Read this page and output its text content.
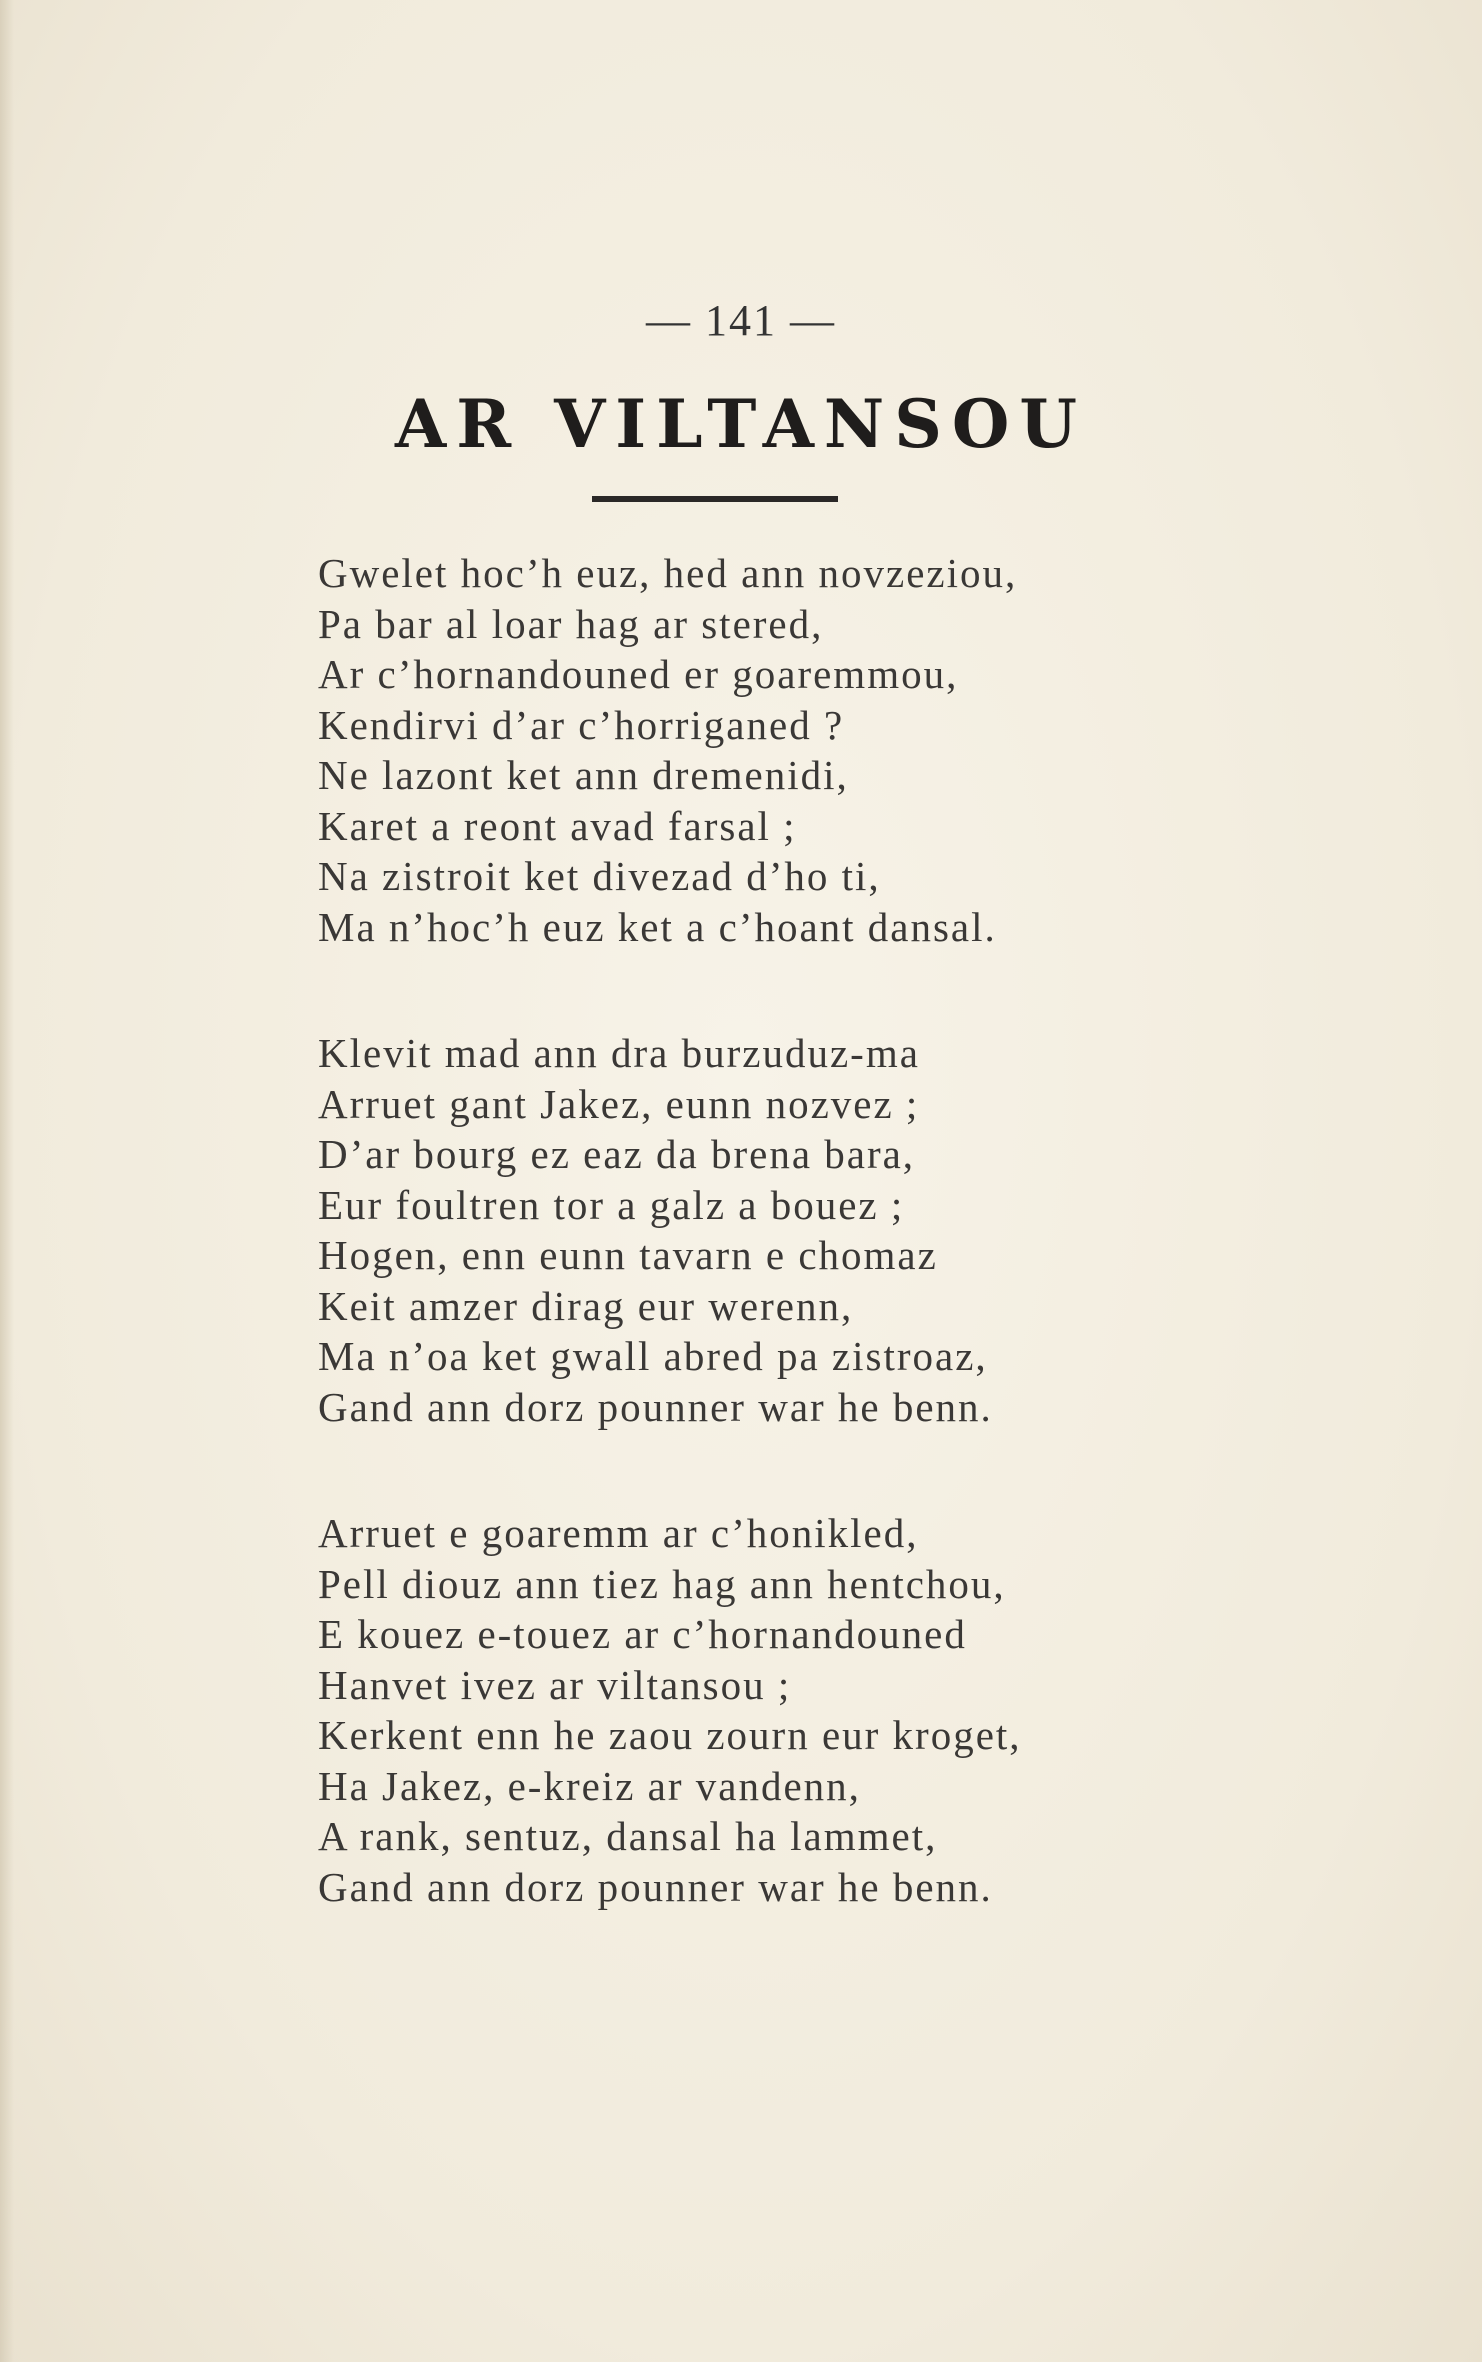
— 141 —
AR VILTANSOU
Gwelet hoc’h euz, hed ann novzeziou,
Pa bar al loar hag ar stered,
Ar c’hornandouned er goaremmou,
Kendirvi d’ar c’horriganed ?
Ne lazont ket ann dremenidi,
Karet a reont avad farsal ;
Na zistroit ket divezad d’ho ti,
Ma n’hoc’h euz ket a c’hoant dansal.
Klevit mad ann dra burzuduz-ma
Arruet gant Jakez, eunn nozvez ;
D’ar bourg ez eaz da brena bara,
Eur foultren tor a galz a bouez ;
Hogen, enn eunn tavarn e chomaz
Keit amzer dirag eur werenn,
Ma n’oa ket gwall abred pa zistroaz,
Gand ann dorz pounner war he benn.
Arruet e goaremm ar c’honikled,
Pell diouz ann tiez hag ann hentchou,
E kouez e-touez ar c’hornandouned
Hanvet ivez ar viltansou ;
Kerkent enn he zaou zourn eur kroget,
Ha Jakez, e-kreiz ar vandenn,
A rank, sentuz, dansal ha lammet,
Gand ann dorz pounner war he benn.
